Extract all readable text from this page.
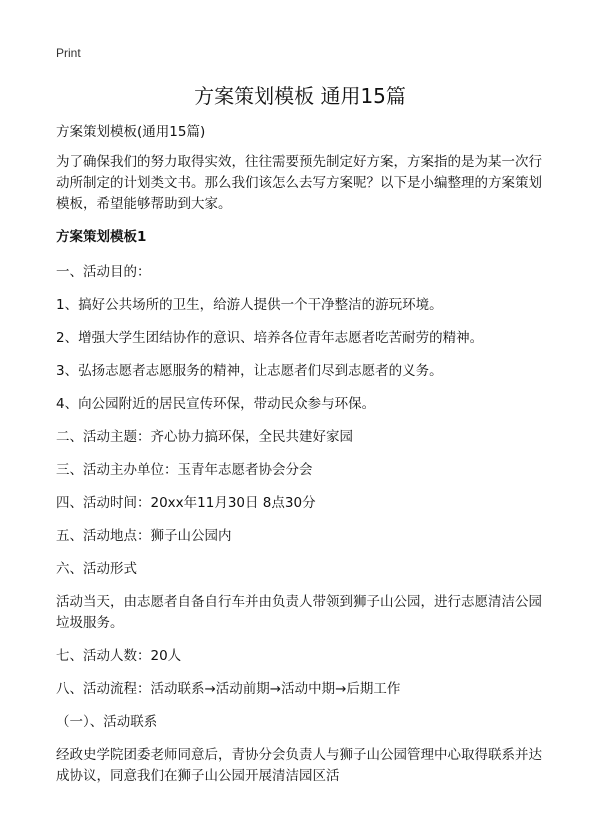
Print
方案策划模板 通用15篇

方案策划模板(通用15篇)

为了确保我们的努力取得实效，往往需要预先制定好方案，方案指的是为某一次行动所制定的计划类文书。那么我们该怎么去写方案呢？以下是小编整理的方案策划模板，希望能够帮助到大家。

方案策划模板1

一、活动目的：

1、搞好公共场所的卫生，给游人提供一个干净整洁的游玩环境。

2、增强大学生团结协作的意识、培养各位青年志愿者吃苦耐劳的精神。

3、弘扬志愿者志愿服务的精神，让志愿者们尽到志愿者的义务。

4、向公园附近的居民宣传环保，带动民众参与环保。

二、活动主题：齐心协力搞环保，全民共建好家园

三、活动主办单位：玉青年志愿者协会分会

四、活动时间：20xx年11月30日 8点30分

五、活动地点：狮子山公园内

六、活动形式

活动当天，由志愿者自备自行车并由负责人带领到狮子山公园，进行志愿清洁公园垃圾服务。

七、活动人数：20人

八、活动流程：活动联系→活动前期→活动中期→后期工作

（一）、活动联系

经政史学院团委老师同意后，青协分会负责人与狮子山公园管理中心取得联系并达成协议，同意我们在狮子山公园开展清洁园区活
